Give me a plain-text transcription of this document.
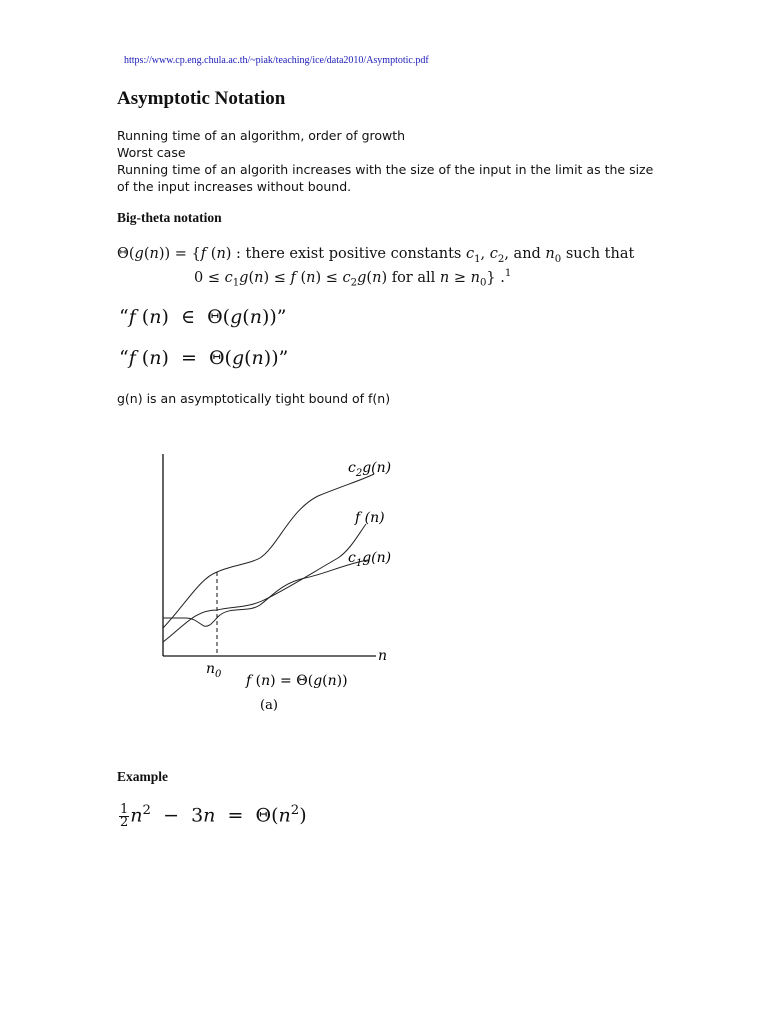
https://www.cp.eng.chula.ac.th/~piak/teaching/ice/data2010/Asymptotic.pdf
Asymptotic Notation
Running time of an algorithm, order of growth
Worst case
Running time of an algorith increases with the size of the input in the limit as the size
of the input increases without bound.
Big-theta notation
Θ(g(n)) = {f (n) : there exist positive constants $c_1$, $c_2$, and $n_0$ such that
$0 \le c_1g(n) \le f$ $(n) \le c_2g(n)$ for all $n \ge n_0$} .$^1$
“f (n)  ∈  Θ(g(n))”
“f (n)  =  Θ(g(n))”
g(n) is an asymptotically tight bound of f(n)
$c_2g(n)$
f (n)
$c_1g(n)$
n
$n_0$ f (n) = Θ(g(n))
(a)
Example
$\frac{1}{2} n^2 - 3n = \Theta(n^2)$
